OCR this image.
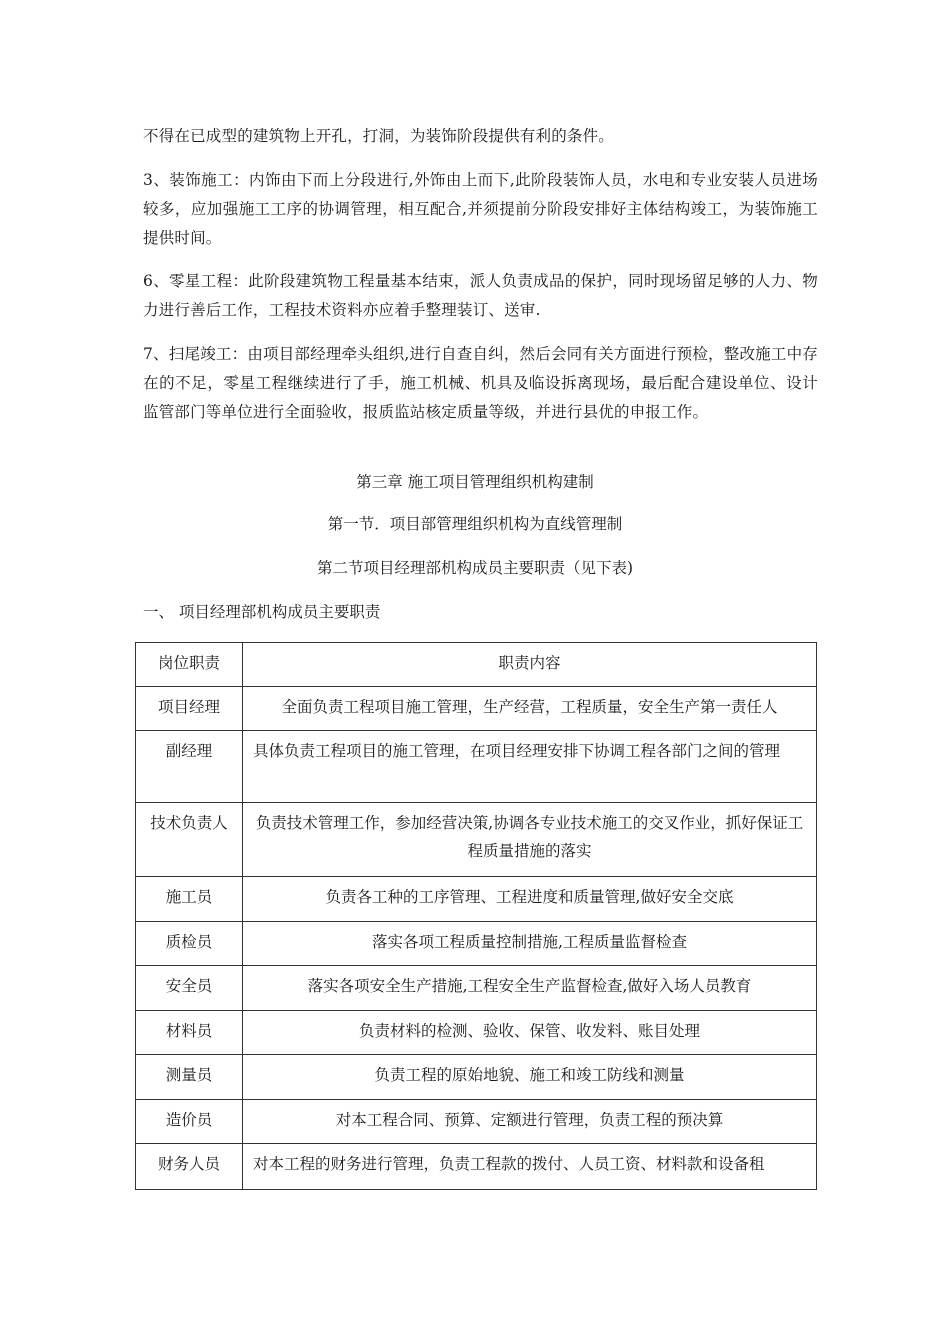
不得在已成型的建筑物上开孔，打洞，为装饰阶段提供有利的条件。

3、装饰施工：内饰由下而上分段进行,外饰由上而下,此阶段装饰人员，水电和专业安装人员进场较多，应加强施工工序的协调管理，相互配合,并须提前分阶段安排好主体结构竣工，为装饰施工提供时间。

6、零星工程：此阶段建筑物工程量基本结束，派人负责成品的保护，同时现场留足够的人力、物力进行善后工作，工程技术资料亦应着手整理装订、送审.

7、扫尾竣工：由项目部经理牵头组织,进行自查自纠，然后会同有关方面进行预检，整改施工中存在的不足，零星工程继续进行了手，施工机械、机具及临设拆离现场，最后配合建设单位、设计监管部门等单位进行全面验收，报质监站核定质量等级，并进行县优的申报工作。

第三章 施工项目管理组织机构建制

第一节．项目部管理组织机构为直线管理制

第二节项目经理部机构成员主要职责（见下表)

一、 项目经理部机构成员主要职责

岗位职责	职责内容
项目经理	全面负责工程项目施工管理，生产经营，工程质量，安全生产第一责任人
副经理	具体负责工程项目的施工管理，在项目经理安排下协调工程各部门之间的管理
技术负责人	负责技术管理工作，参加经营决策,协调各专业技术施工的交叉作业，抓好保证工程质量措施的落实
施工员	负责各工种的工序管理、工程进度和质量管理,做好安全交底
质检员	落实各项工程质量控制措施,工程质量监督检查
安全员	落实各项安全生产措施,工程安全生产监督检查,做好入场人员教育
材料员	负责材料的检测、验收、保管、收发料、账目处理
测量员	负责工程的原始地貌、施工和竣工防线和测量
造价员	对本工程合同、预算、定额进行管理，负责工程的预决算
财务人员	对本工程的财务进行管理，负责工程款的拨付、人员工资、材料款和设备租
